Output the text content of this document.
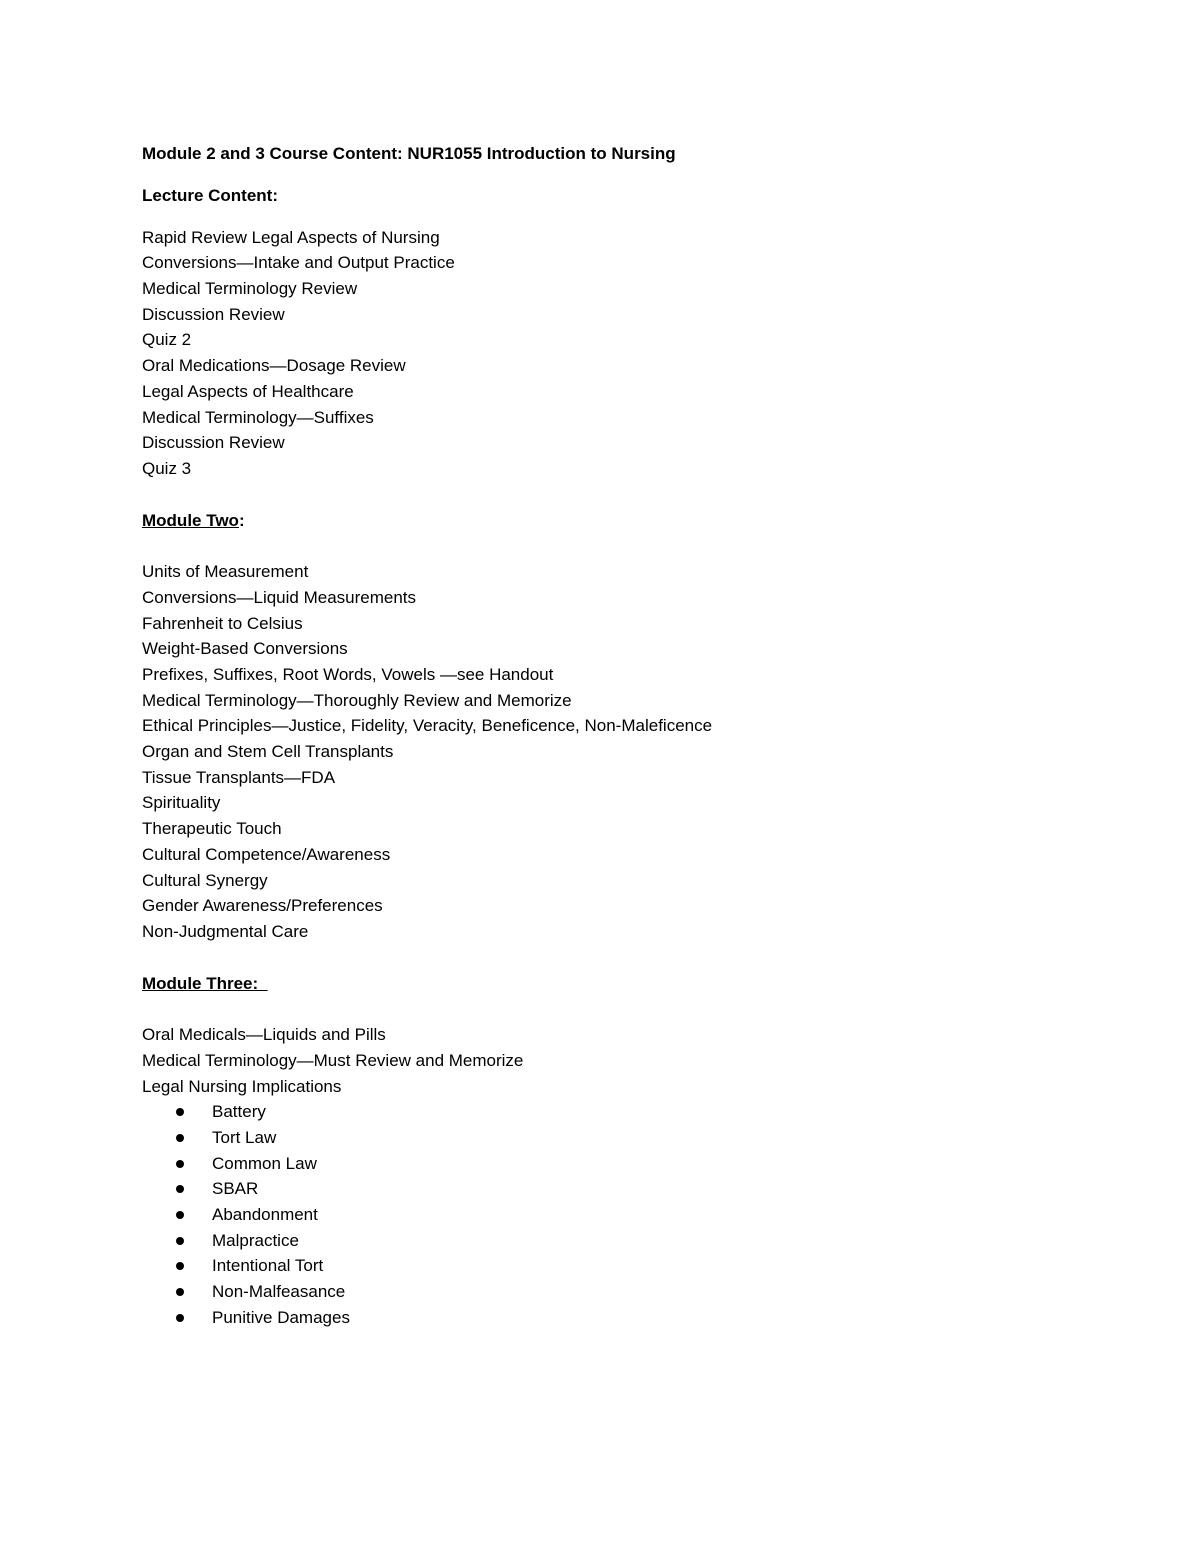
Module 2 and 3 Course Content: NUR1055 Introduction to Nursing
Lecture Content:
Rapid Review Legal Aspects of Nursing
Conversions—Intake and Output Practice
Medical Terminology Review
Discussion Review
Quiz 2
Oral Medications—Dosage Review
Legal Aspects of Healthcare
Medical Terminology—Suffixes
Discussion Review
Quiz 3
Module Two:
Units of Measurement
Conversions—Liquid Measurements
Fahrenheit to Celsius
Weight-Based Conversions
Prefixes, Suffixes, Root Words, Vowels —see Handout
Medical Terminology—Thoroughly Review and Memorize
Ethical Principles—Justice, Fidelity, Veracity, Beneficence, Non-Maleficence
Organ and Stem Cell Transplants
Tissue Transplants—FDA
Spirituality
Therapeutic Touch
Cultural Competence/Awareness
Cultural Synergy
Gender Awareness/Preferences
Non-Judgmental Care
Module Three:
Oral Medicals—Liquids and Pills
Medical Terminology—Must Review and Memorize
Legal Nursing Implications
Battery
Tort Law
Common Law
SBAR
Abandonment
Malpractice
Intentional Tort
Non-Malfeasance
Punitive Damages
